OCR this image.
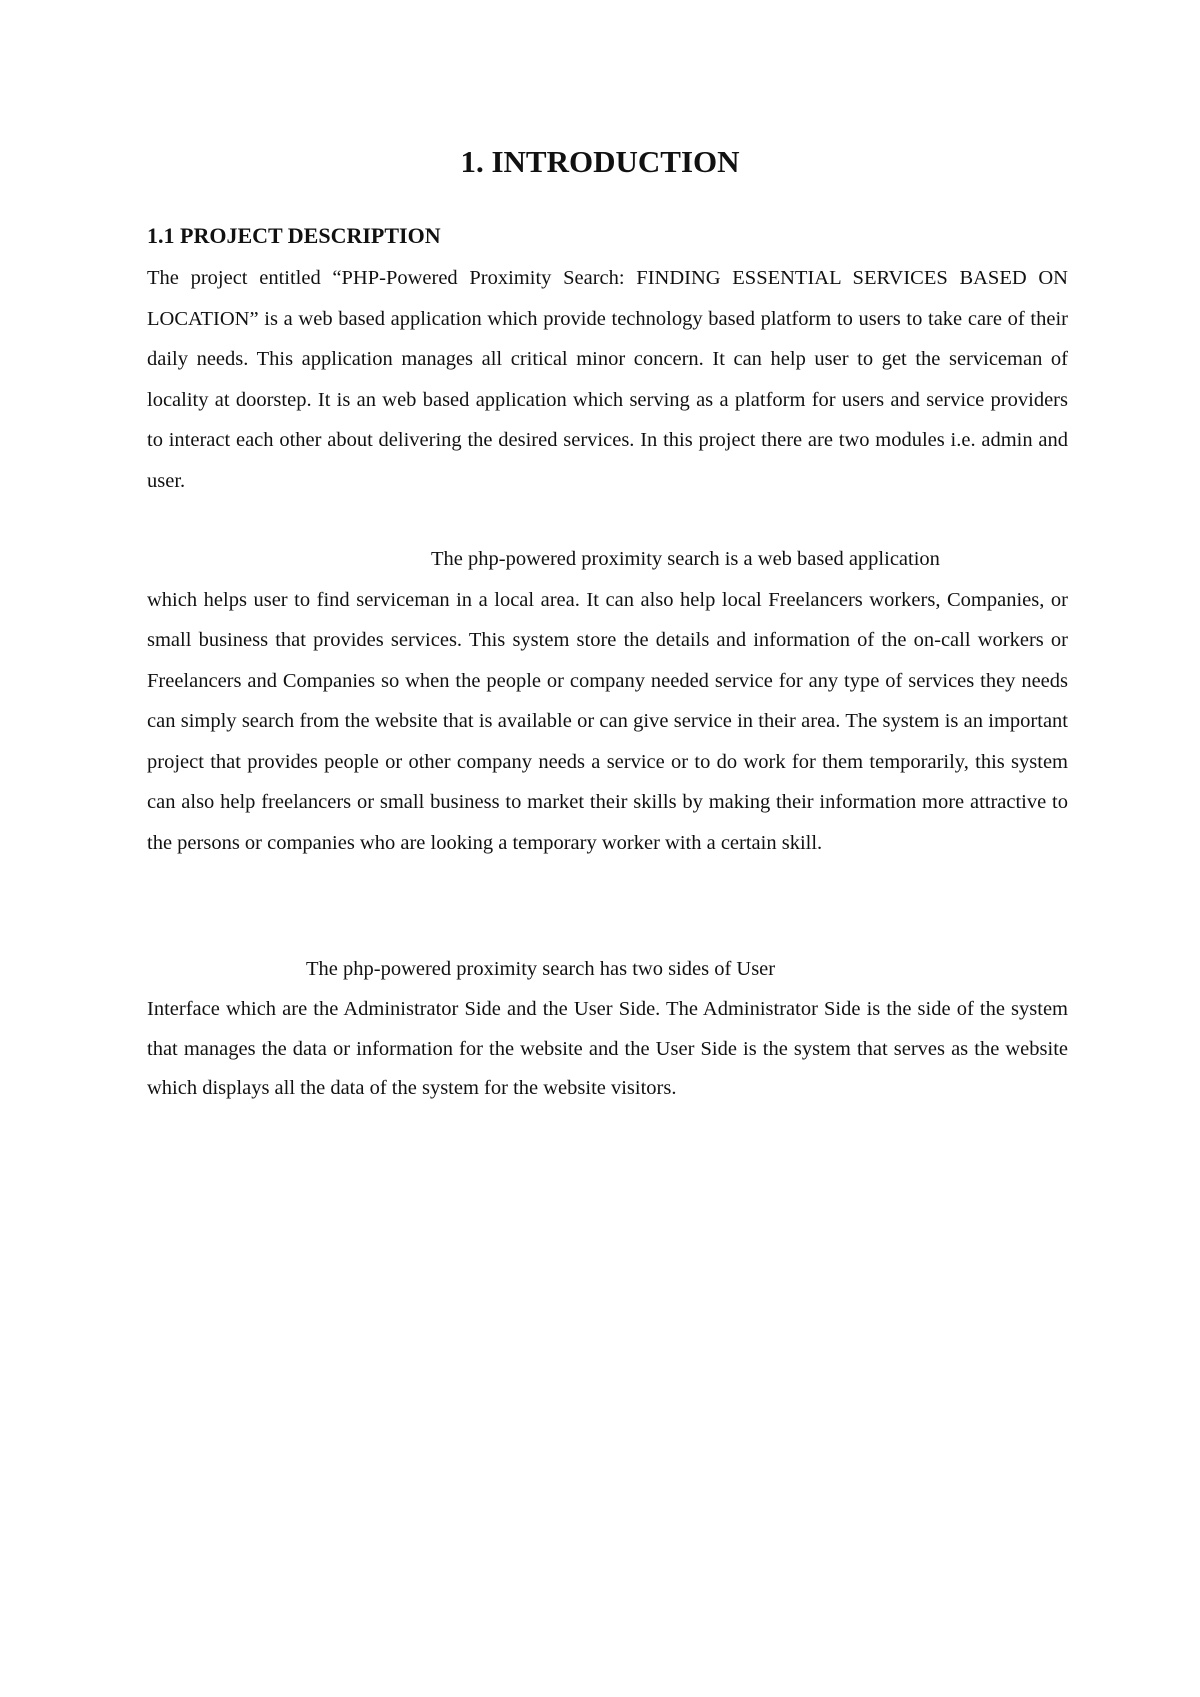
1. INTRODUCTION
1.1 PROJECT DESCRIPTION

The project entitled “PHP-Powered Proximity Search: FINDING ESSENTIAL SERVICES BASED ON LOCATION” is a web based application which provide technology based platform to users to take care of their daily needs. This application manages all critical minor concern. It can help user to get the serviceman of locality at doorstep. It is an web based application which serving as a platform for users and service providers to interact each other about delivering the desired services. In this project there are two modules i.e. admin and user.

The php-powered proximity search is a web based application
which helps user to find serviceman in a local area. It can also help local Freelancers workers, Companies, or small business that provides services. This system store the details and information of the on-call workers or Freelancers and Companies so when the people or company needed service for any type of services they needs can simply search from the website that is available or can give service in their area. The system is an important project that provides people or other company needs a service or to do work for them temporarily, this system can also help freelancers or small business to market their skills by making their information more attractive to the persons or companies who are looking a temporary worker with a certain skill.

The php-powered proximity search has two sides of User
Interface which are the Administrator Side and the User Side. The Administrator Side is the side of the system that manages the data or information for the website and the User Side is the system that serves as the website which displays all the data of the system for the website visitors.
